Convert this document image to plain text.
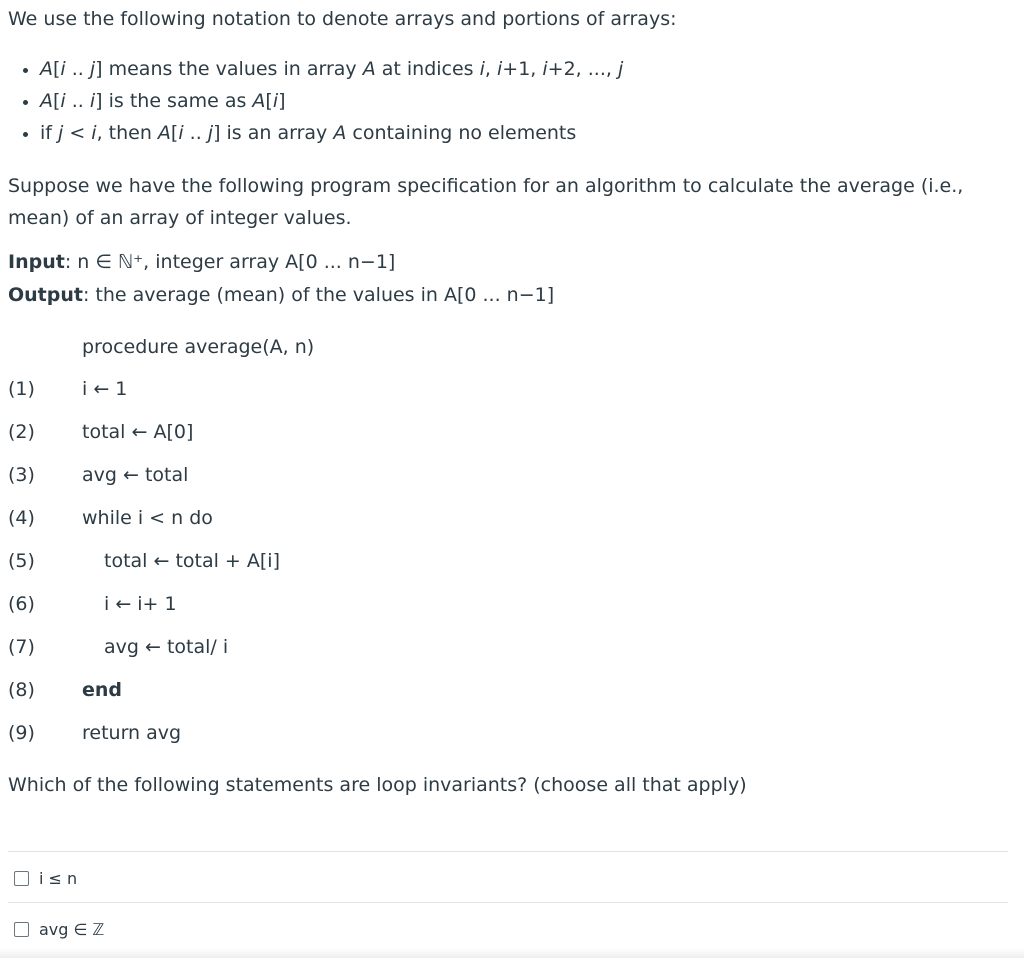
We use the following notation to denote arrays and portions of arrays:
• A[i .. j] means the values in array A at indices i, i+1, i+2, ..., j
• A[i .. i] is the same as A[i]
• if j < i, then A[i .. j] is an array A containing no elements
Suppose we have the following program specification for an algorithm to calculate the average (i.e., mean) of an array of integer values.
Input: n ∈ ℕ⁺, integer array A[0 ... n−1]
Output: the average (mean) of the values in A[0 ... n−1]
procedure average(A, n)
(1) i ← 1
(2) total ← A[0]
(3) avg ← total
(4) while i < n do
(5)	total ← total + A[i]
(6)	i ← i+ 1
(7)	avg ← total/ i
(8) end
(9) return avg
Which of the following statements are loop invariants? (choose all that apply)
i ≤ n
avg ∈ ℤ
